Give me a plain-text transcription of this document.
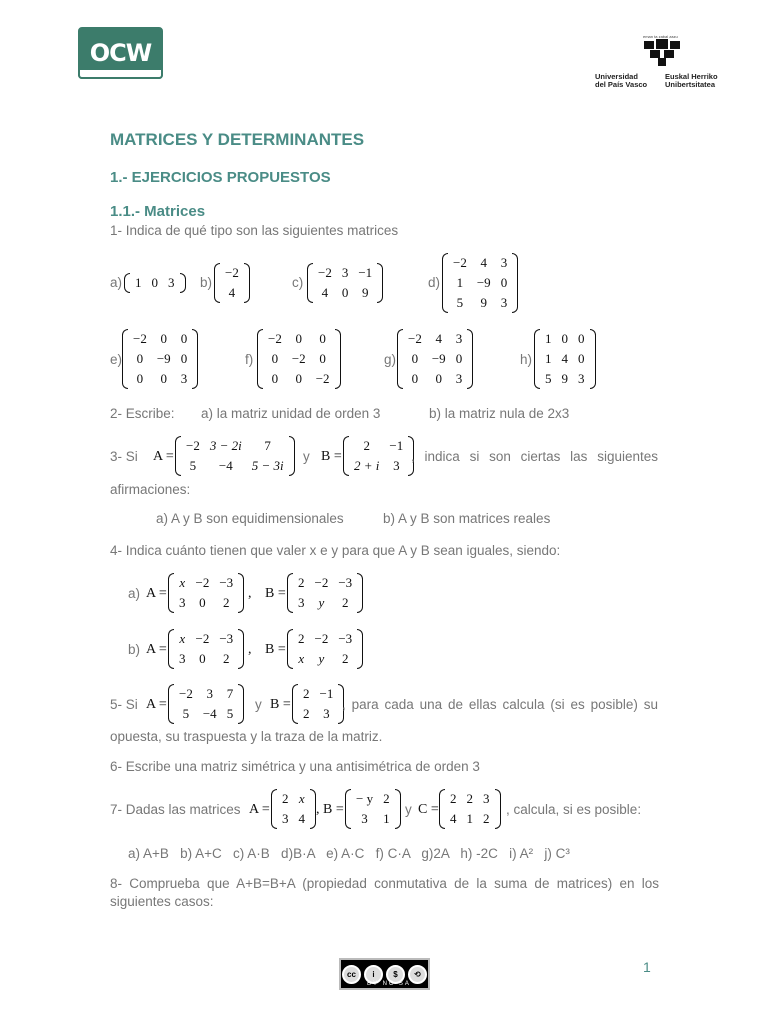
OCW
eman ta zabal zazu
Universidad
del País Vasco
Euskal Herriko
Unibertsitatea
MATRICES Y DETERMINANTES
1.- EJERCICIOS PROPUESTOS
1.1.- Matrices
1- Indica de qué tipo son las siguientes matrices
a) 1	0	3 b)
−2
4
c)
−2	3	−1
4	0	9
d)
−2	4	3
1	−9	0
5	9	3
e)
−2	0	0
0	−9	0
0	0	3
f)
−2	0	0
0	−2	0
0	0	−2
g)
−2	4	3
0	−9	0
0	0	3
h)
1	0	0
1	4	0
5	9	3
2- Escribe: a) la matriz unidad de orden 3	b) la matriz nula de 2x3
3- Si A =
−2	3 − 2i	7
5	−4	5 − 3i
y B =
2	−1
2 + i	3
, indica si son ciertas las siguientes
afirmaciones:
a) A y B son equidimensionales	b) A y B son matrices reales
4- Indica cuánto tienen que valer x e y para que A y B sean iguales, siendo:
a) A =
x	−2	−3
3	0	2
, B =
2	−2	−3
3	y	2
b) A =
x	−2	−3
3	0	2
, B =
2	−2	−3
x	y	2
5- Si A =
−2	3	7
5	−4	5
y B =
2	−1
2	3
, para cada una de ellas calcula (si es posible) su
opuesta, su traspuesta y la traza de la matriz.
6- Escribe una matriz simétrica y una antisimétrica de orden 3
7- Dadas las matrices A =
2	x
3	4
, B =
− y	2
3	1
y C =
2	2	3
4	1	2
, calcula, si es posible:
a) A+B   b) A+C   c) A·B   d)B·A   e) A·C   f) C·A   g)2A   h) -2C   i) A²   j) C³
8- Comprueba que A+B=B+A (propiedad conmutativa de la suma de matrices) en los
siguientes casos:
cc	i	$	⟲
BY NC SA
1
